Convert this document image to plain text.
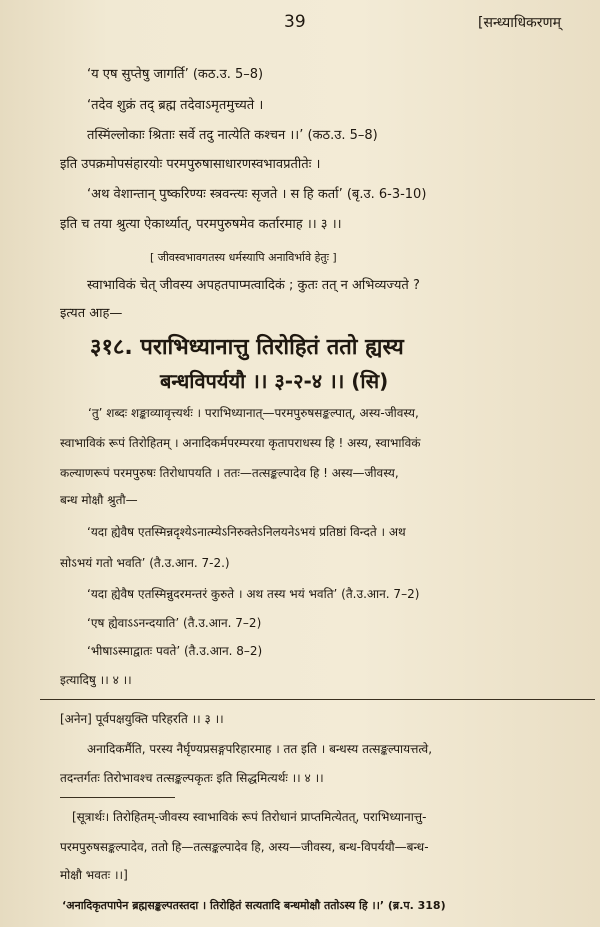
39	[सन्ध्याधिकरणम्
‘य एष सुप्तेषु जागर्ति’ (कठ.उ. 5–8)
‘तदेव शुक्रं तद् ब्रह्म तदेवाऽमृतमुच्यते ।
तस्मिंल्लोकाः श्रिताः सर्वे तदु नात्येति कश्चन ।।’ (कठ.उ. 5–8)
इति उपक्रमोपसंहारयोः परमपुरुषासाधारणस्वभावप्रतीतेः ।
‘अथ वेशान्तान् पुष्करिण्यः स्त्रवन्त्यः सृजते । स हि कर्ता’ (बृ.उ. 6-3-10)
इति च तया श्रुत्या ऐकार्थ्यात्, परमपुरुषमेव कर्तारमाह ।। ३ ।।
[ जीवस्वभावगतस्य धर्मस्यापि अनाविर्भावे हेतुः ]
स्वाभाविकं चेत् जीवस्य अपहतपाप्मत्वादिकं ; कुतः तत् न अभिव्यज्यते ?
इत्यत आह—
३१८. पराभिध्यानात्तु तिरोहितं ततो ह्यस्य
बन्धविपर्ययौ ।। ३-२-४ ।। (सि)
‘तु’ शब्दः शङ्काव्यावृत्त्यर्थः । पराभिध्यानात्—परमपुरुषसङ्कल्पात्, अस्य-जीवस्य,
स्वाभाविकं रूपं तिरोहितम् । अनादिकर्मपरम्परया कृतापराधस्य हि ! अस्य, स्वाभाविकं
कल्याणरूपं परमपुरुषः तिरोधापयति । ततः—तत्सङ्कल्पादेव हि ! अस्य—जीवस्य,
बन्ध मोक्षौ श्रुतौ—
‘यदा ह्येवैष एतस्मिन्नदृश्येऽनात्म्येऽनिरुक्तेऽनिलयनेऽभयं प्रतिष्ठां विन्दते । अथ
सोऽभयं गतो भवति’ (तै.उ.आन. 7-2.)
‘यदा ह्येवैष एतस्मिन्नुदरमन्तरं कुरुते । अथ तस्य भयं भवति’ (तै.उ.आन. 7–2)
‘एष ह्येवाऽऽनन्दयाति’ (तै.उ.आन. 7–2)
‘भीषाऽस्माद्वातः पवते’ (तै.उ.आन. 8–2)
इत्यादिषु ।। ४ ।।
[अनेन] पूर्वपक्षयुक्ति परिहरति ।। ३ ।।
अनादिकर्मैति, परस्य नैर्घृण्यप्रसङ्गपरिहारमाह । तत इति । बन्धस्य तत्सङ्कल्पायत्तत्वे,
तदन्तर्गतः तिरोभावश्च तत्सङ्कल्पकृतः इति सिद्धमित्यर्थः ।। ४ ।।
[सूत्रार्थः। तिरोहितम्-जीवस्य स्वाभाविकं रूपं तिरोधानं प्राप्तमित्येतत्, पराभिध्यानात्तु-
परमपुरुषसङ्कल्पादेव, ततो हि—तत्सङ्कल्पादेव हि, अस्य—जीवस्य, बन्ध-विपर्ययौ—बन्ध-
मोक्षौ भवतः ।।]
‘अनादिकृतपापेन ब्रह्मसङ्कल्पतस्तदा । तिरोहितं सत्यतादि बन्धमोक्षौ ततोऽस्य हि ।।’ (ब्र.प. 318)
